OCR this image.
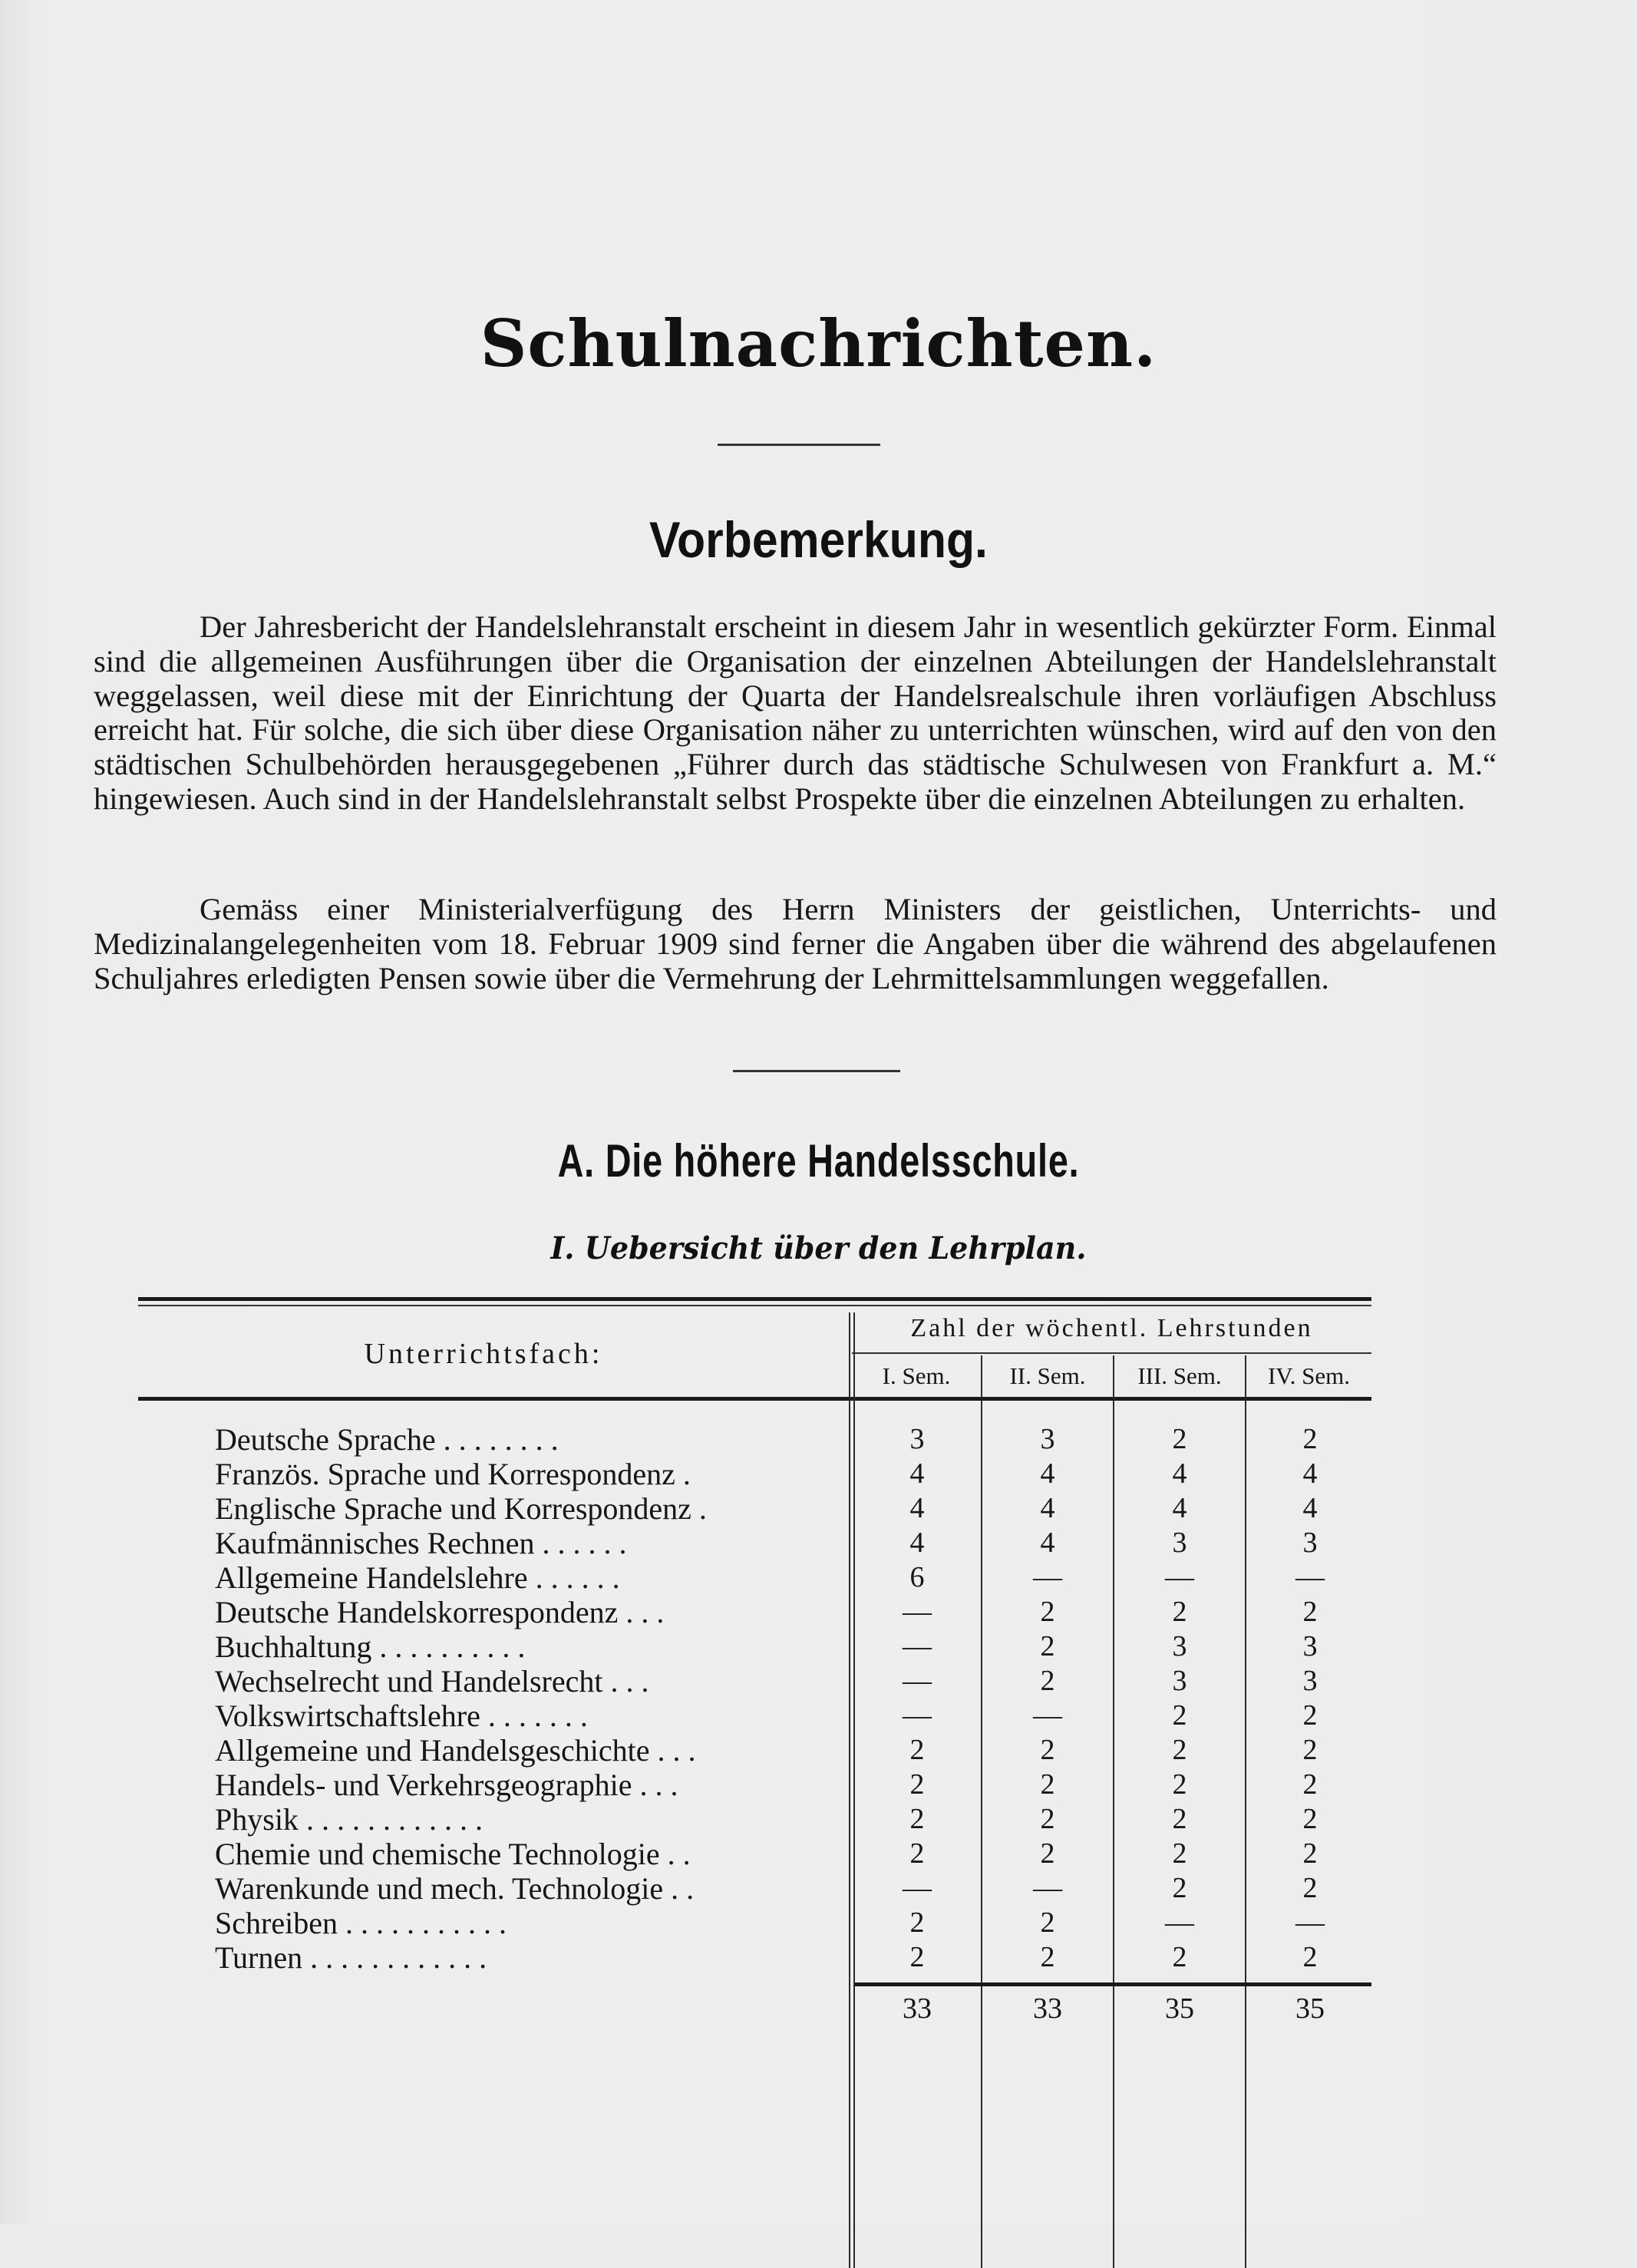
Schulnachrichten.
Vorbemerkung.

Der Jahresbericht der Handelslehranstalt erscheint in diesem Jahr in wesentlich gekürzter Form. Einmal sind die allgemeinen Ausführungen über die Organisation der einzelnen Abteilungen der Handelslehranstalt weggelassen, weil diese mit der Einrichtung der Quarta der Handelsrealschule ihren vorläufigen Abschluss erreicht hat. Für solche, die sich über diese Organisation näher zu unterrichten wünschen, wird auf den von den städtischen Schulbehörden herausgegebenen „Führer durch das städtische Schulwesen von Frankfurt a. M.“ hingewiesen. Auch sind in der Handelslehranstalt selbst Prospekte über die einzelnen Abteilungen zu erhalten.

Gemäss einer Ministerialverfügung des Herrn Ministers der geistlichen, Unterrichts- und Medizinalangelegenheiten vom 18. Februar 1909 sind ferner die Angaben über die während des abgelaufenen Schuljahres erledigten Pensen sowie über die Vermehrung der Lehrmittelsammlungen weggefallen.

A. Die höhere Handelsschule.
I. Uebersicht über den Lehrplan.
Unterrichtsfach:
Zahl der wöchentl. Lehrstunden
I. Sem.	II. Sem.	III. Sem.	IV. Sem.
Deutsche Sprache . . . . . . . .	3	3	2	2
Französ. Sprache und Korrespondenz .	4	4	4	4
Englische Sprache und Korrespondenz .	4	4	4	4
Kaufmännisches Rechnen . . . . . .	4	4	3	3
Allgemeine Handelslehre . . . . . .	6	—	—	—
Deutsche Handelskorrespondenz . . .	—	2	2	2
Buchhaltung . . . . . . . . . .	—	2	3	3
Wechselrecht und Handelsrecht . . .	—	2	3	3
Volkswirtschaftslehre . . . . . . .	—	—	2	2
Allgemeine und Handelsgeschichte . . .	2	2	2	2
Handels- und Verkehrsgeographie . . .	2	2	2	2
Physik . . . . . . . . . . . .	2	2	2	2
Chemie und chemische Technologie . .	2	2	2	2
Warenkunde und mech. Technologie . .	—	—	2	2
Schreiben . . . . . . . . . . .	2	2	—	—
Turnen . . . . . . . . . . . .	2	2	2	2
33	33	35	35
